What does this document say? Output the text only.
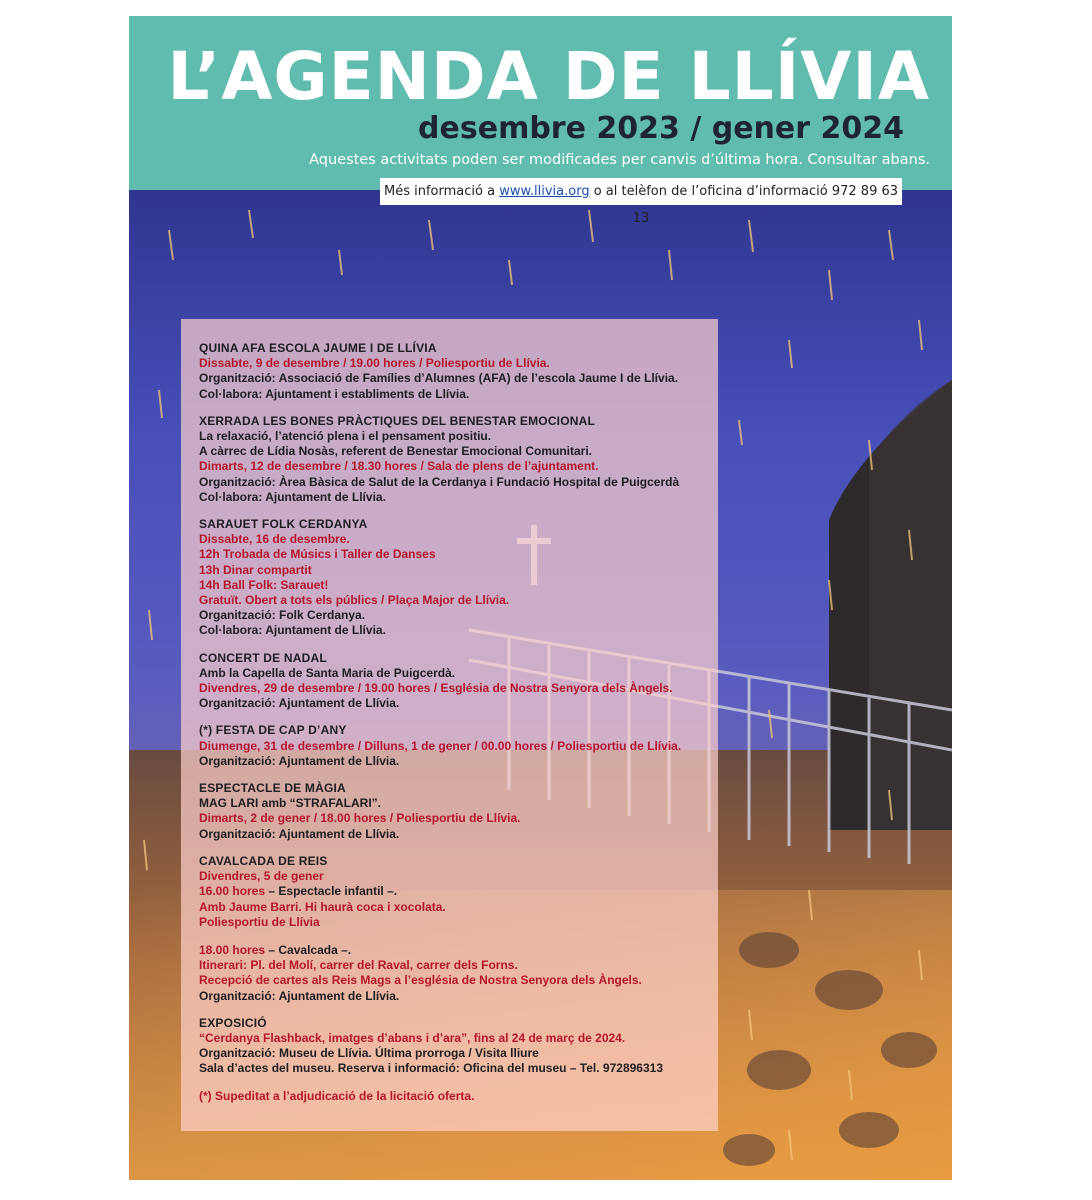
L’AGENDA DE LLÍVIA
desembre 2023 / gener 2024
Aquestes activitats poden ser modificades per canvis d’última hora. Consultar abans.
Més informació a www.llivia.org o al telèfon de l’oficina d’informació 972 89 63 13
QUINA AFA ESCOLA JAUME I DE LLÍVIA
Dissabte, 9 de desembre / 19.00 hores / Poliesportiu de Llívia.
Organització: Associació de Famílies d’Alumnes (AFA) de l’escola Jaume I de Llívia.
Col·labora: Ajuntament i establiments de Llívia.
XERRADA LES BONES PRÀCTIQUES DEL BENESTAR EMOCIONAL
La relaxació, l’atenció plena i el pensament positiu.
A càrrec de Lídia Nosàs, referent de Benestar Emocional Comunitari.
Dimarts, 12 de desembre / 18.30 hores / Sala de plens de l’ajuntament.
Organització: Àrea Bàsica de Salut de la Cerdanya i Fundació Hospital de Puigcerdà
Col·labora: Ajuntament de Llívia.
SARAUET FOLK CERDANYA
Dissabte, 16 de desembre.
12h Trobada de Músics i Taller de Danses
13h Dinar compartit
14h Ball Folk: Sarauet!
Gratuït. Obert a tots els públics / Plaça Major de Llívia.
Organització: Folk Cerdanya.
Col·labora: Ajuntament de Llívia.
CONCERT DE NADAL
Amb la Capella de Santa Maria de Puigcerdà.
Divendres, 29 de desembre / 19.00 hores / Església de Nostra Senyora dels Àngels.
Organització: Ajuntament de Llívia.
(*) FESTA DE CAP D’ANY
Diumenge, 31 de desembre / Dilluns, 1 de gener / 00.00 hores / Poliesportiu de Llívia.
Organització: Ajuntament de Llívia.
ESPECTACLE DE MÀGIA
MAG LARI amb “STRAFALARI”.
Dimarts, 2 de gener / 18.00 hores / Poliesportiu de Llívia.
Organització: Ajuntament de Llívia.
CAVALCADA DE REIS
Divendres, 5 de gener
16.00 hores – Espectacle infantil –.
Amb Jaume Barri. Hi haurà coca i xocolata.
Poliesportiu de Llívia
18.00 hores – Cavalcada –.
Itinerari: Pl. del Molí, carrer del Raval, carrer dels Forns.
Recepció de cartes als Reis Mags a l’església de Nostra Senyora dels Àngels.
Organització: Ajuntament de Llívia.
EXPOSICIÓ
“Cerdanya Flashback, imatges d’abans i d’ara”, fins al 24 de març de 2024.
Organització: Museu de Llívia. Última prorroga / Visita lliure
Sala d’actes del museu. Reserva i informació: Oficina del museu – Tel. 972896313
(*) Supeditat a l’adjudicació de la licitació oferta.
